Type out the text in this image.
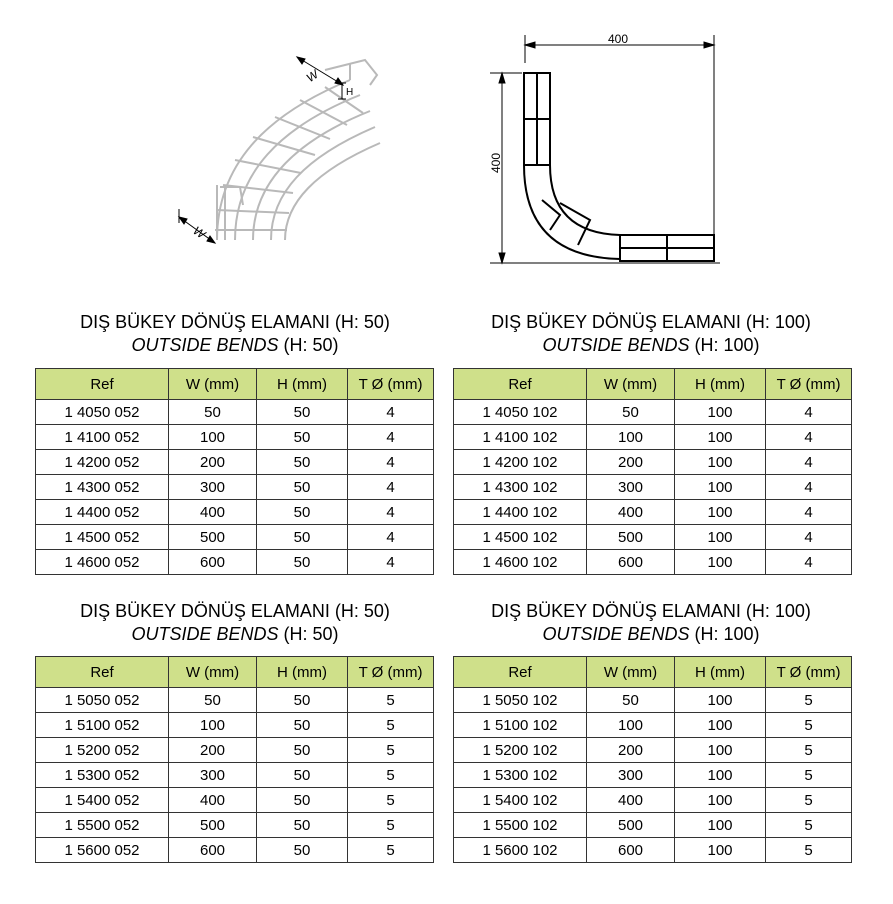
W
H
W
400
400
DIŞ BÜKEY DÖNÜŞ ELAMANI (H: 50)
OUTSIDE BENDS (H: 50)
Ref	W (mm)	H (mm)	T Ø (mm)
1 4050 052	50	50	4
1 4100 052	100	50	4
1 4200 052	200	50	4
1 4300 052	300	50	4
1 4400 052	400	50	4
1 4500 052	500	50	4
1 4600 052	600	50	4
DIŞ BÜKEY DÖNÜŞ ELAMANI (H: 100)
OUTSIDE BENDS (H: 100)
Ref	W (mm)	H (mm)	T Ø (mm)
1 4050 102	50	100	4
1 4100 102	100	100	4
1 4200 102	200	100	4
1 4300 102	300	100	4
1 4400 102	400	100	4
1 4500 102	500	100	4
1 4600 102	600	100	4
DIŞ BÜKEY DÖNÜŞ ELAMANI (H: 50)
OUTSIDE BENDS (H: 50)
Ref	W (mm)	H (mm)	T Ø (mm)
1 5050 052	50	50	5
1 5100 052	100	50	5
1 5200 052	200	50	5
1 5300 052	300	50	5
1 5400 052	400	50	5
1 5500 052	500	50	5
1 5600 052	600	50	5
DIŞ BÜKEY DÖNÜŞ ELAMANI (H: 100)
OUTSIDE BENDS (H: 100)
Ref	W (mm)	H (mm)	T Ø (mm)
1 5050 102	50	100	5
1 5100 102	100	100	5
1 5200 102	200	100	5
1 5300 102	300	100	5
1 5400 102	400	100	5
1 5500 102	500	100	5
1 5600 102	600	100	5
